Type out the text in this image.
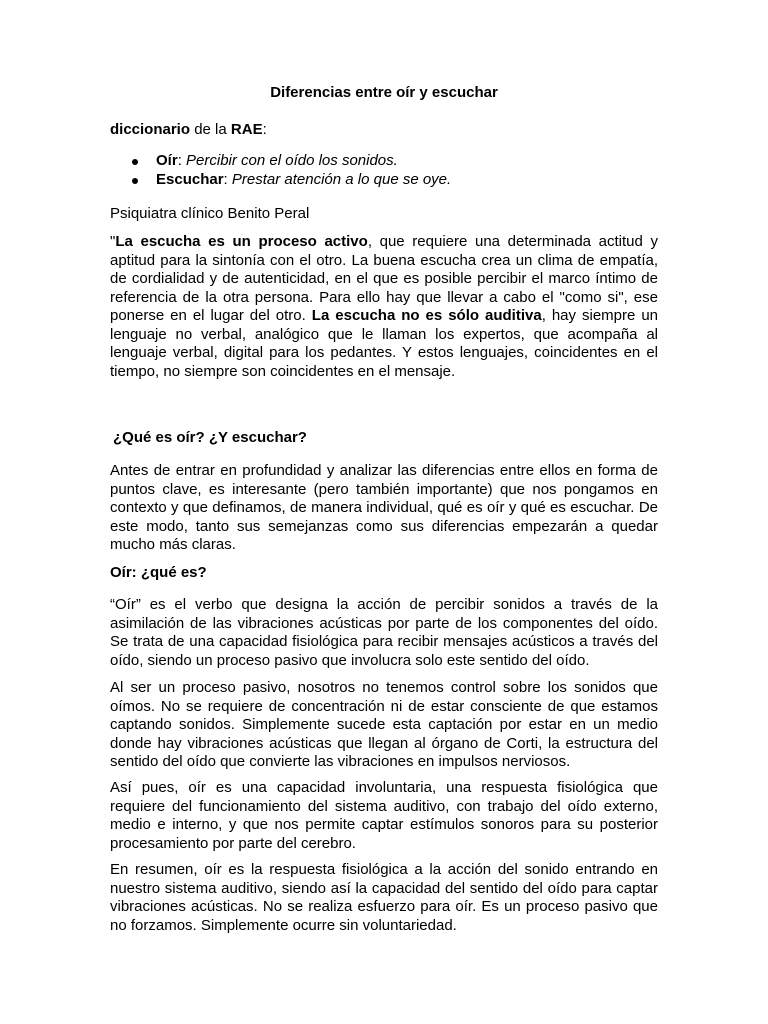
Diferencias entre oír y escuchar

diccionario de la RAE:

Oír: Percibir con el oído los sonidos.
Escuchar: Prestar atención a lo que se oye.

Psiquiatra clínico Benito Peral

"La escucha es un proceso activo, que requiere una determinada actitud y aptitud para la sintonía con el otro. La buena escucha crea un clima de empatía, de cordialidad y de autenticidad, en el que es posible percibir el marco íntimo de referencia de la otra persona. Para ello hay que llevar a cabo el "como si", ese ponerse en el lugar del otro. La escucha no es sólo auditiva, hay siempre un lenguaje no verbal, analógico que le llaman los expertos, que acompaña al lenguaje verbal, digital para los pedantes. Y estos lenguajes, coincidentes en el tiempo, no siempre son coincidentes en el mensaje.

¿Qué es oír? ¿Y escuchar?

Antes de entrar en profundidad y analizar las diferencias entre ellos en forma de puntos clave, es interesante (pero también importante) que nos pongamos en contexto y que definamos, de manera individual, qué es oír y qué es escuchar. De este modo, tanto sus semejanzas como sus diferencias empezarán a quedar mucho más claras.

Oír: ¿qué es?

“Oír” es el verbo que designa la acción de percibir sonidos a través de la asimilación de las vibraciones acústicas por parte de los componentes del oído. Se trata de una capacidad fisiológica para recibir mensajes acústicos a través del oído, siendo un proceso pasivo que involucra solo este sentido del oído.

Al ser un proceso pasivo, nosotros no tenemos control sobre los sonidos que oímos. No se requiere de concentración ni de estar consciente de que estamos captando sonidos. Simplemente sucede esta captación por estar en un medio donde hay vibraciones acústicas que llegan al órgano de Corti, la estructura del sentido del oído que convierte las vibraciones en impulsos nerviosos.

Así pues, oír es una capacidad involuntaria, una respuesta fisiológica que requiere del funcionamiento del sistema auditivo, con trabajo del oído externo, medio e interno, y que nos permite captar estímulos sonoros para su posterior procesamiento por parte del cerebro.

En resumen, oír es la respuesta fisiológica a la acción del sonido entrando en nuestro sistema auditivo, siendo así la capacidad del sentido del oído para captar vibraciones acústicas. No se realiza esfuerzo para oír. Es un proceso pasivo que no forzamos. Simplemente ocurre sin voluntariedad.
